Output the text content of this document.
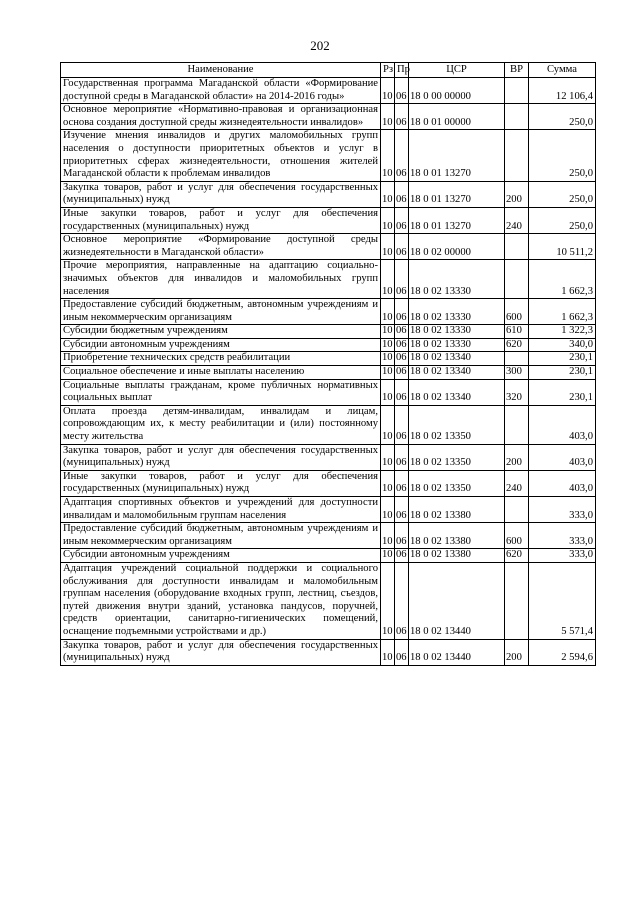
202
Наименование	Рз	Пр	ЦСР	ВР	Сумма
Государственная программа Магаданской области «Формирование доступной среды в Магаданской области» на 2014-2016 годы»	10	06	18 0 00 00000		12 106,4
Основное мероприятие «Нормативно-правовая и организационная основа создания доступной среды жизнедеятельности инвалидов»	10	06	18 0 01 00000		250,0
Изучение мнения инвалидов и других маломобильных групп населения о доступности приоритетных объектов и услуг в приоритетных сферах жизнедеятельности, отношения жителей Магаданской области к проблемам инвалидов	10	06	18 0 01 13270		250,0
Закупка товаров, работ и услуг для обеспечения государственных (муниципальных) нужд	10	06	18 0 01 13270	200	250,0
Иные закупки товаров, работ и услуг для обеспечения государственных (муниципальных) нужд	10	06	18 0 01 13270	240	250,0
Основное мероприятие «Формирование доступной среды жизнедеятельности в Магаданской области»	10	06	18 0 02 00000		10 511,2
Прочие мероприятия, направленные на адаптацию социально-значимых объектов для инвалидов и маломобильных групп населения	10	06	18 0 02 13330		1 662,3
Предоставление субсидий бюджетным, автономным учреждениям и иным некоммерческим организациям	10	06	18 0 02 13330	600	1 662,3
Субсидии бюджетным учреждениям	10	06	18 0 02 13330	610	1 322,3
Субсидии автономным учреждениям	10	06	18 0 02 13330	620	340,0
Приобретение технических средств реабилитации	10	06	18 0 02 13340		230,1
Социальное обеспечение и иные выплаты населению	10	06	18 0 02 13340	300	230,1
Социальные выплаты гражданам, кроме публичных нормативных социальных выплат	10	06	18 0 02 13340	320	230,1
Оплата проезда детям-инвалидам, инвалидам и лицам, сопровождающим их, к месту реабилитации и (или) постоянному месту жительства	10	06	18 0 02 13350		403,0
Закупка товаров, работ и услуг для обеспечения государственных (муниципальных) нужд	10	06	18 0 02 13350	200	403,0
Иные закупки товаров, работ и услуг для обеспечения государственных (муниципальных) нужд	10	06	18 0 02 13350	240	403,0
Адаптация спортивных объектов и учреждений для доступности инвалидам и маломобильным группам населения	10	06	18 0 02 13380		333,0
Предоставление субсидий бюджетным, автономным учреждениям и иным некоммерческим организациям	10	06	18 0 02 13380	600	333,0
Субсидии автономным учреждениям	10	06	18 0 02 13380	620	333,0
Адаптация учреждений социальной поддержки и социального обслуживания для доступности инвалидам и маломобильным группам населения (оборудование входных групп, лестниц, съездов, путей движения внутри зданий, установка пандусов, поручней, средств ориентации, санитарно-гигиенических помещений, оснащение подъемными устройствами и др.)	10	06	18 0 02 13440		5 571,4
Закупка товаров, работ и услуг для обеспечения государственных (муниципальных) нужд	10	06	18 0 02 13440	200	2 594,6
